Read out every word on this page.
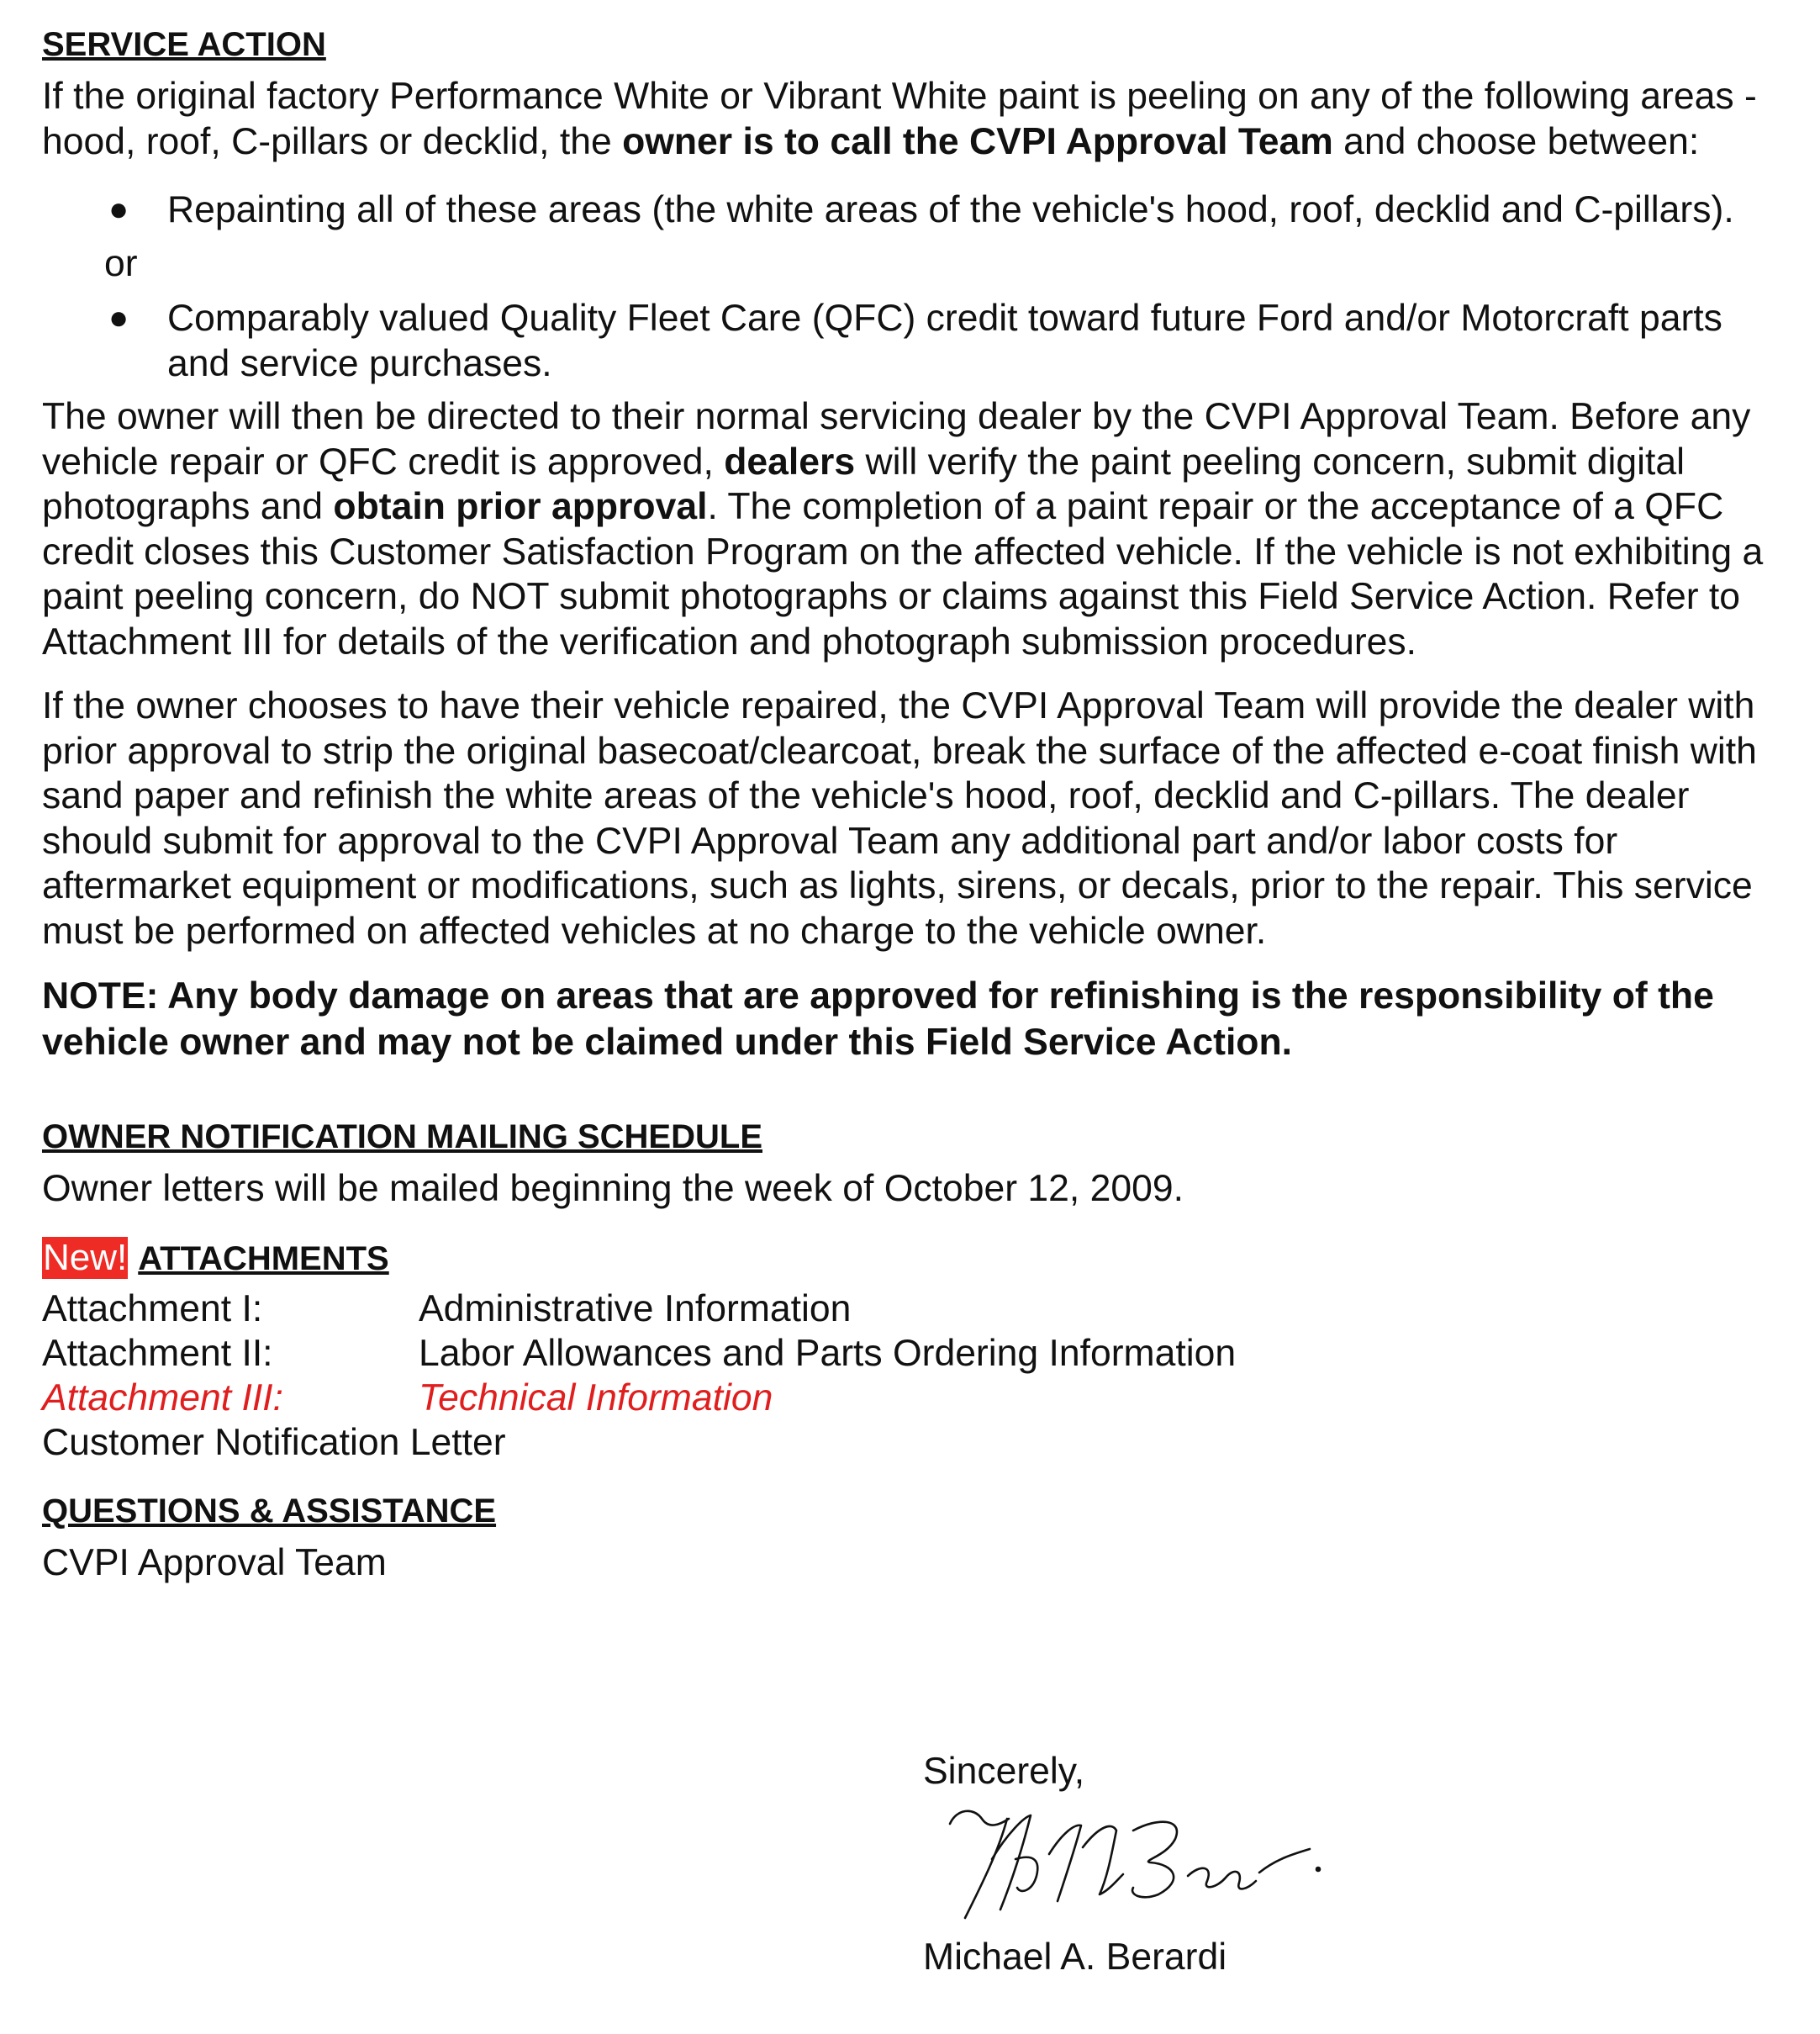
SERVICE ACTION

If the original factory Performance White or Vibrant White paint is peeling on any of the following areas - hood, roof, C-pillars or decklid, the owner is to call the CVPI Approval Team and choose between:

● Repainting all of these areas (the white areas of the vehicle's hood, roof, decklid and C-pillars).

or

● Comparably valued Quality Fleet Care (QFC) credit toward future Ford and/or Motorcraft parts and service purchases.

The owner will then be directed to their normal servicing dealer by the CVPI Approval Team. Before any vehicle repair or QFC credit is approved, dealers will verify the paint peeling concern, submit digital photographs and obtain prior approval. The completion of a paint repair or the acceptance of a QFC credit closes this Customer Satisfaction Program on the affected vehicle. If the vehicle is not exhibiting a paint peeling concern, do NOT submit photographs or claims against this Field Service Action. Refer to Attachment III for details of the verification and photograph submission procedures.

If the owner chooses to have their vehicle repaired, the CVPI Approval Team will provide the dealer with prior approval to strip the original basecoat/clearcoat, break the surface of the affected e-coat finish with sand paper and refinish the white areas of the vehicle's hood, roof, decklid and C-pillars. The dealer should submit for approval to the CVPI Approval Team any additional part and/or labor costs for aftermarket equipment or modifications, such as lights, sirens, or decals, prior to the repair. This service must be performed on affected vehicles at no charge to the vehicle owner.

NOTE: Any body damage on areas that are approved for refinishing is the responsibility of the vehicle owner and may not be claimed under this Field Service Action.

OWNER NOTIFICATION MAILING SCHEDULE

Owner letters will be mailed beginning the week of October 12, 2009.

New! ATTACHMENTS

Attachment I:	Administrative Information
Attachment II:	Labor Allowances and Parts Ordering Information
Attachment III:	Technical Information
Customer Notification Letter

QUESTIONS & ASSISTANCE

CVPI Approval Team

Sincerely,
Michael A. Berardi
